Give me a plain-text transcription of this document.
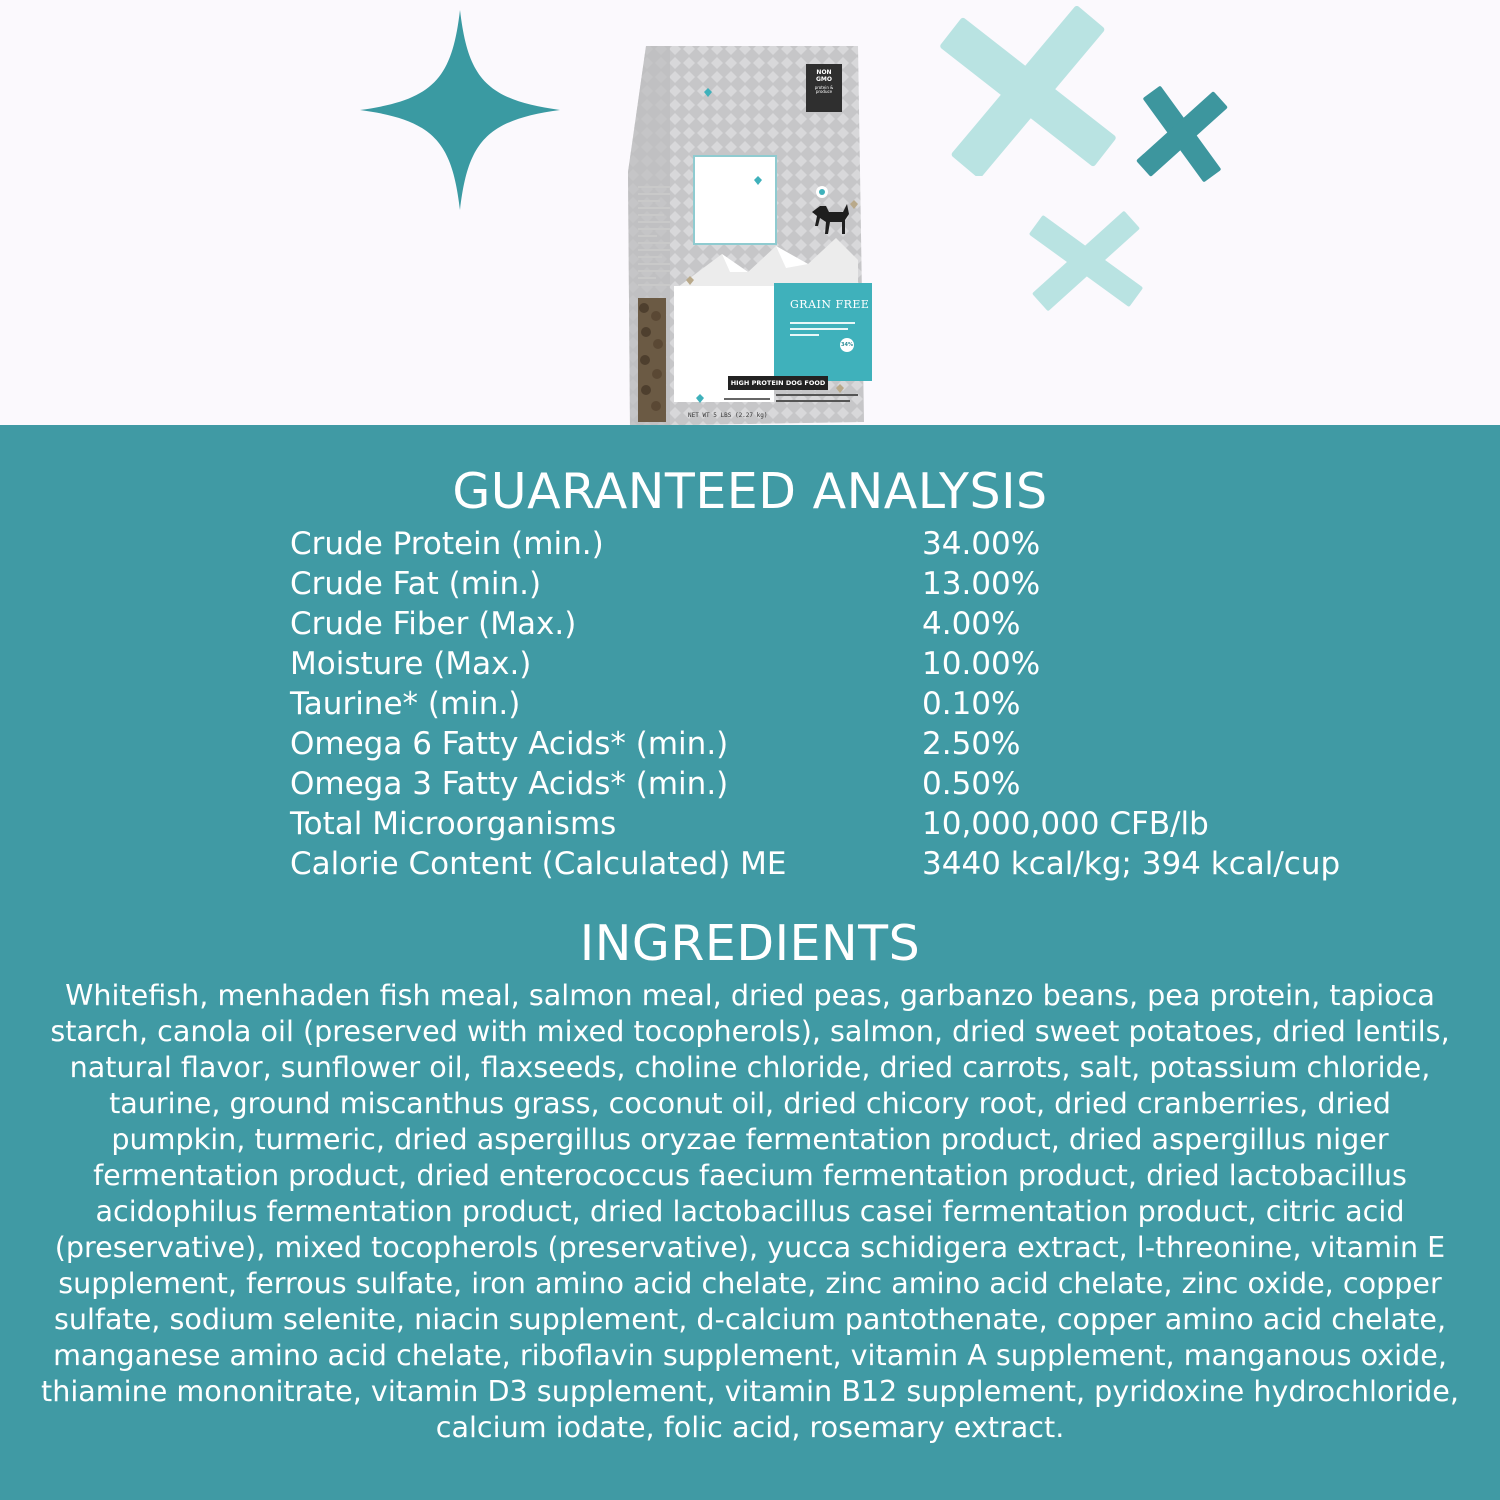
NON
GMO
protein & produce
GRAIN FREE
34%
HIGH PROTEIN DOG FOOD
NET WT 5 LBS (2.27 kg)
GUARANTEED ANALYSIS
Crude Protein (min.)	34.00%
Crude Fat (min.)	13.00%
Crude Fiber (Max.)	4.00%
Moisture (Max.)	10.00%
Taurine* (min.)	0.10%
Omega 6 Fatty Acids* (min.)	2.50%
Omega 3 Fatty Acids* (min.)	0.50%
Total Microorganisms	10,000,000 CFB/lb
Calorie Content (Calculated) ME	3440 kcal/kg; 394 kcal/cup
INGREDIENTS

Whitefish, menhaden fish meal, salmon meal, dried peas, garbanzo beans, pea protein, tapioca starch, canola oil (preserved with mixed tocopherols), salmon, dried sweet potatoes, dried lentils, natural flavor, sunflower oil, flaxseeds, choline chloride, dried carrots, salt, potassium chloride, taurine, ground miscanthus grass, coconut oil, dried chicory root, dried cranberries, dried pumpkin, turmeric, dried aspergillus oryzae fermentation product, dried aspergillus niger fermentation product, dried enterococcus faecium fermentation product, dried lactobacillus acidophilus fermentation product, dried lactobacillus casei fermentation product, citric acid (preservative), mixed tocopherols (preservative), yucca schidigera extract, l-threonine, vitamin E supplement, ferrous sulfate, iron amino acid chelate, zinc amino acid chelate, zinc oxide, copper sulfate, sodium selenite, niacin supplement, d-calcium pantothenate, copper amino acid chelate, manganese amino acid chelate, riboflavin supplement, vitamin A supplement, manganous oxide, thiamine mononitrate, vitamin D3 supplement, vitamin B12 supplement, pyridoxine hydrochloride, calcium iodate, folic acid, rosemary extract.
